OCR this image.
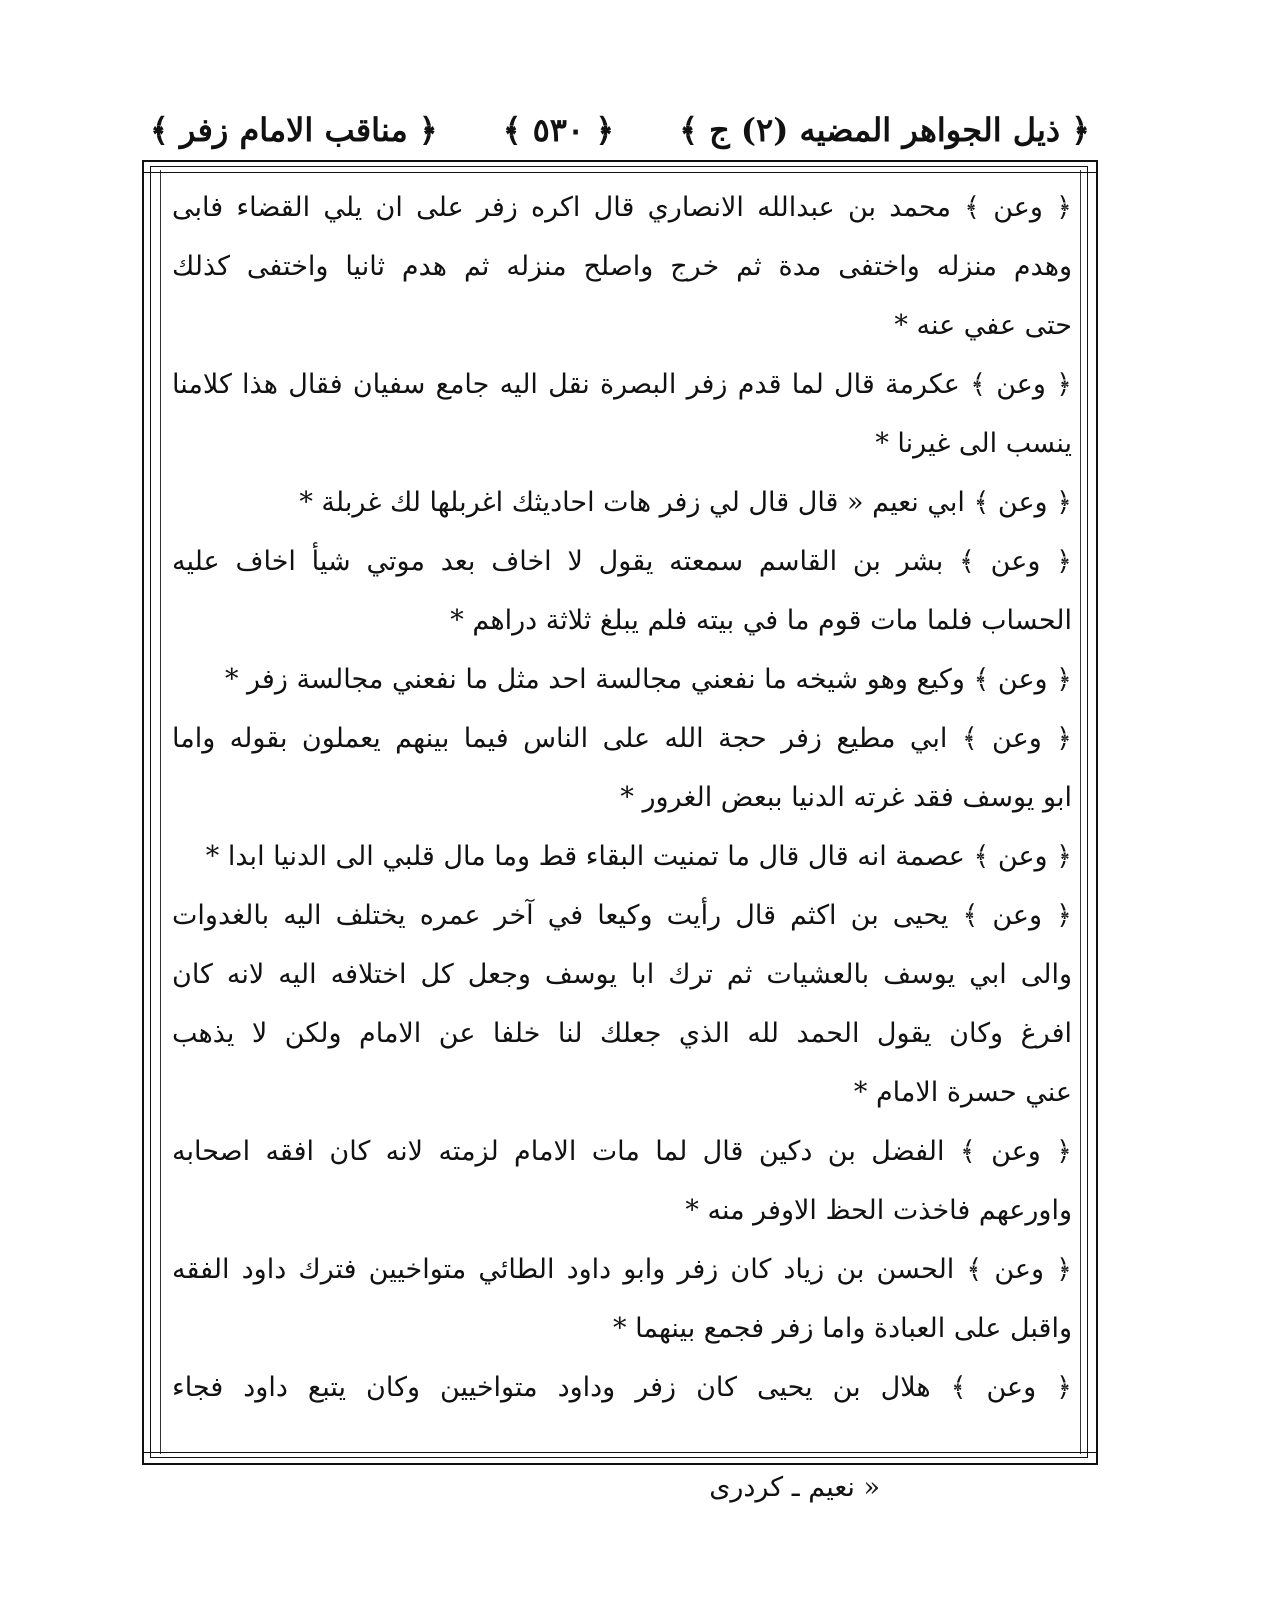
﴿ ذيل الجواهر المضيه (٢) ج ﴾
﴿ ٥٣٠ ﴾
﴿ مناقب الامام زفر ﴾
﴿ وعن ﴾ محمد بن عبدالله الانصاري قال اكره زفر على ان يلي القضاء فابى
وهدم منزله واختفى مدة ثم خرج واصلح منزله ثم هدم ثانيا واختفى كذلك
حتى عفي عنه *
﴿ وعن ﴾ عكرمة قال لما قدم زفر البصرة نقل اليه جامع سفيان فقال هذا كلامنا
ينسب الى غيرنا *
﴿ وعن ﴾ ابي نعيم « قال قال لي زفر هات احاديثك اغربلها لك غربلة *
﴿ وعن ﴾ بشر بن القاسم سمعته يقول لا اخاف بعد موتي شيأ اخاف عليه
الحساب فلما مات قوم ما في بيته فلم يبلغ ثلاثة دراهم *
﴿ وعن ﴾ وكيع وهو شيخه ما نفعني مجالسة احد مثل ما نفعني مجالسة زفر *
﴿ وعن ﴾ ابي مطيع زفر حجة الله على الناس فيما بينهم يعملون بقوله واما
ابو يوسف فقد غرته الدنيا ببعض الغرور *
﴿ وعن ﴾ عصمة انه قال قال ما تمنيت البقاء قط وما مال قلبي الى الدنيا ابدا *
﴿ وعن ﴾ يحيى بن اكثم قال رأيت وكيعا في آخر عمره يختلف اليه بالغدوات
والى ابي يوسف بالعشيات ثم ترك ابا يوسف وجعل كل اختلافه اليه لانه كان
افرغ وكان يقول الحمد لله الذي جعلك لنا خلفا عن الامام ولكن لا يذهب
عني حسرة الامام *
﴿ وعن ﴾ الفضل بن دكين قال لما مات الامام لزمته لانه كان افقه اصحابه
واورعهم فاخذت الحظ الاوفر منه *
﴿ وعن ﴾ الحسن بن زياد كان زفر وابو داود الطائي متواخيين فترك داود الفقه
واقبل على العبادة واما زفر فجمع بينهما *
﴿ وعن ﴾ هلال بن يحيى كان زفر وداود متواخيين وكان يتبع داود فجاء
« نعيم ـ كردرى
